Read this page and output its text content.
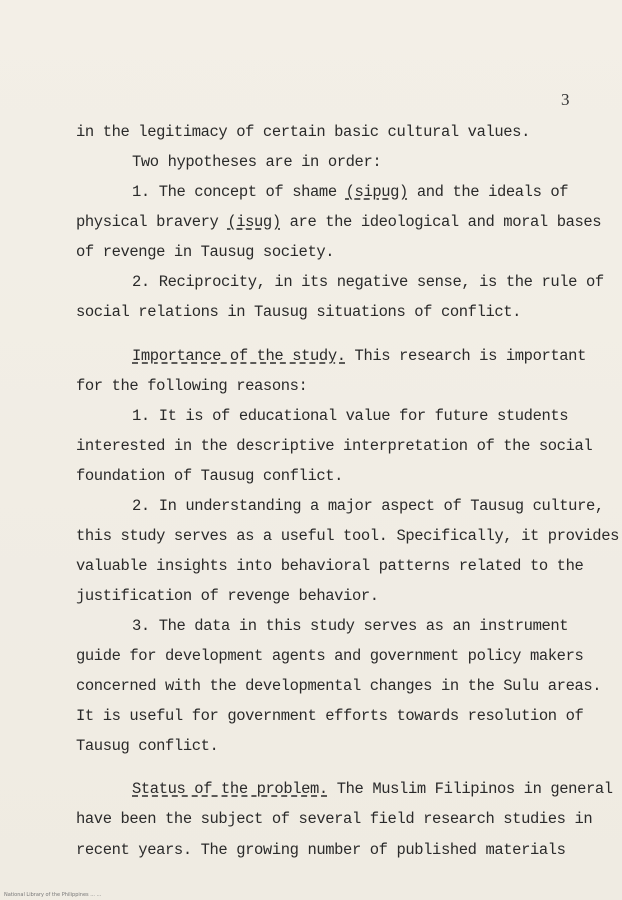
3
in the legitimacy of certain basic cultural values.
Two hypotheses are in order:
1. The concept of shame (sipug) and the ideals of
physical bravery (isug) are the ideological and moral bases
of revenge in Tausug society.
2. Reciprocity, in its negative sense, is the rule of
social relations in Tausug situations of conflict.
Importance of the study. This research is important
for the following reasons:
1. It is of educational value for future students
interested in the descriptive interpretation of the social
foundation of Tausug conflict.
2. In understanding a major aspect of Tausug culture,
this study serves as a useful tool. Specifically, it provides
valuable insights into behavioral patterns related to the
justification of revenge behavior.
3. The data in this study serves as an instrument
guide for development agents and government policy makers
concerned with the developmental changes in the Sulu areas.
It is useful for government efforts towards resolution of
Tausug conflict.
Status of the problem. The Muslim Filipinos in general
have been the subject of several field research studies in
recent years. The growing number of published materials
National Library of the Philippines ... ...
